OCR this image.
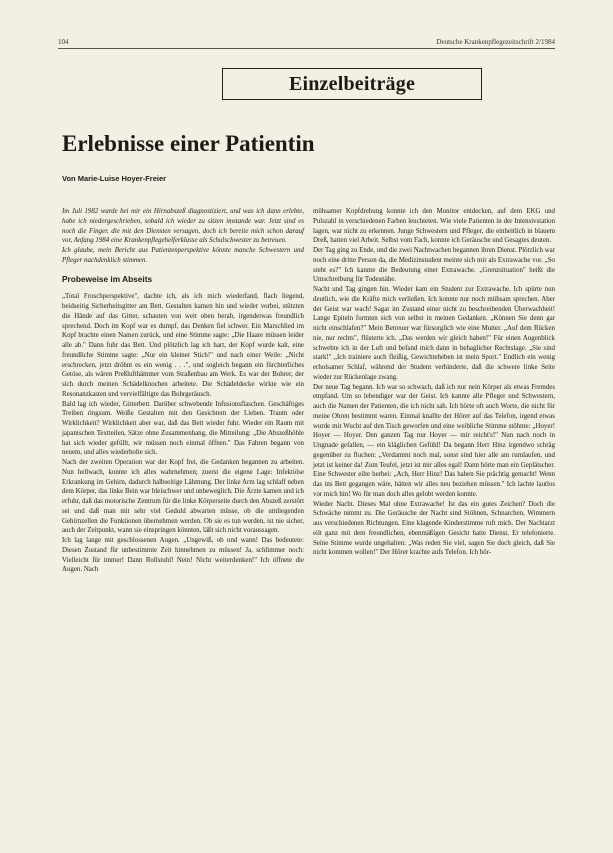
104	Deutsche Krankenpflegezeitschrift 2/1984
Einzelbeiträge
Erlebnisse einer Patientin
Von Marie-Luise Hoyer-Freier

Im Juli 1982 wurde bei mir ein Hirnabszeß diagnostiziert, und was ich dann erlebte, habe ich niedergeschrieben, sobald ich wieder zu sitzen imstande war. Jetzt sind es noch die Finger, die mit den Diensten versagen, doch ich bereite mich schon darauf vor, Anfang 1984 eine Krankenpflegehelferklasse als Schulschwester zu betreuen.

Ich glaube, mein Bericht aus Patientenperspektive könnte manche Schwestern und Pfleger nachdenklich stimmen.

Probeweise im Abseits

„Total Froschperspektive", dachte ich, als ich mich wiederfand, flach liegend, beidseitig Sicherheitsgitter am Bett. Gestalten kamen hin und wieder vorbei, stützten die Hände auf das Gitter, schauten von weit oben herab, irgendetwas freundlich sprechend. Doch im Kopf war es dumpf, das Denken fiel schwer. Ein Marschlied im Kopf brachte einen Namen zurück, und eine Stimme sagte: „Die Haare müssen leider alle ab." Dann fuhr das Bett. Und plötzlich lag ich hart, der Kopf wurde kalt, eine freundliche Stimme sagte: „Nur ein kleiner Stich!" und nach einer Weile: „Nicht erschrecken, jetzt dröhnt es ein wenig . . .", und sogleich begann ein fürchterliches Getöse, als wären Preßlufthämmer vom Straßenbau am Werk. Es war der Bohrer, der sich durch meinen Schädelknochen arbeitete. Die Schädeldecke wirkte wie ein Resonanzkasten und vervielfältigte das Bohrgeräusch.

Bald lag ich wieder, Gitterbett. Darüber schwebende Infusionsflaschen. Geschäftiges Treiben ringsum. Weiße Gestalten mit den Gesichtern der Lieben. Traum oder Wirklichkeit? Wirklichkeit aber war, daß das Bett wieder fuhr. Wieder ein Raum mit japanischen Textteilen, Sätze ohne Zusammenhang, die Mitteilung: „Die Abszeßhöhle hat sich wieder gefüllt, wir müssen noch einmal öffnen." Das Fahren begann von neuem, und alles wiederholte sich.

Nach der zweiten Operation war der Kopf frei, die Gedanken begannen zu arbeiten. Nun hellwach, konnte ich alles wahrnehmen; zuerst die eigene Lage: Infektiöse Erkrankung im Gehirn, dadurch halbseitige Lähmung. Der linke Arm lag schlaff neben dem Körper, das linke Bein war bleischwer und unbeweglich. Die Ärzte kamen und ich erfuhr, daß das motorische Zentrum für die linke Körperseite durch den Abszeß zerstört sei und daß man mit sehr viel Geduld abwarten müsse, ob die umliegenden Gehirnzellen die Funktionen übernehmen werden. Ob sie es tun werden, ist nie sicher, auch der Zeitpunkt, wann sie einspringen könnten, läßt sich nicht voraussagen.

Ich lag lange mit geschlossenen Augen. „Ungewiß, ob und wann! Das bedeutete: Diesen Zustand für unbestimmte Zeit hinnehmen zu müssen! Ja, schlimmer noch: Vielleicht für immer! Dann Rollstuhl! Nein! Nicht weiterdenken!" Ich öffnete die Augen. Nach

mühsamer Kopfdrehung konnte ich den Monitor entdecken, auf dem EKG und Pulszahl in verschiedenen Farben leuchteten. Wie viele Patienten in der Intensivstation lagen, war nicht zu erkennen. Junge Schwestern und Pfleger, die einheitlich in blauem Dreß, hatten viel Arbeit. Selbst vom Fach, konnte ich Geräusche und Gesagtes deuten.

Der Tag ging zu Ende, und die zwei Nachtwachen begannen ihren Dienst. Plötzlich war noch eine dritte Person da, die Medizinstudent meinte sich mir als Extrawache vor. „So steht es?" Ich kannte die Bedeutung einer Extrawache. „Grenzsituation" heißt die Umschreibung für Todesnähe.

Nacht und Tag gingen hin. Wieder kam ein Student zur Extrawache. Ich spürte nun deutlich, wie die Kräfte mich verließen. Ich konnte nur noch mühsam sprechen. Aber der Geist war wach! Sagar im Zustand einer nicht zu beschreibenden Überwachheit! Lange Epiteln formten sich von selbst in meinen Gedanken. „Können Sie denn gar nicht einschlafen?" Mein Betreuer war fürsorglich wie eine Mutter. „Auf dem Rücken nie, nur rechts", flüsterte ich. „Das werden wir gleich haben!" Für einen Augenblick schwebte ich in der Luft und befand mich dann in behaglicher Rechtslage. „Sie sind stark!" „Ich trainiere auch fleißig, Gewichteheben ist mein Sport." Endlich ein wenig erholsamer Schlaf, während der Student verhinderte, daß die schwere linke Seite wieder zur Rückenlage zwang.

Der neue Tag begann. Ich war so schwach, daß ich nur nein Körper als etwas Fremdes empfand. Um so lebendiger war der Geist. Ich kannte alle Pfleger und Schwestern, auch die Namen der Patienten, die ich nicht sah. Ich hörte oft auch Worte, die nicht für meine Ohren bestimmt waren. Einmal knallte der Hörer auf das Telefon, irgend etwas wurde mit Wucht auf den Tisch geworfen und eine weibliche Stimme stöhnte: „Hoyer! Hoyer — Hoyer. Den ganzen Tag nur Hoyer — mir reicht's!" Nun nach noch in Ungnade gefallen, — ein kläglichen Gefühl! Da begann Herr Hinz irgendwo schräg gegenüber zu fluchen: „Verdammt noch mal, sonst sind hier alle am rumlaufen, und jetzt ist keiner da! Zum Teufel, jetzt ist mir alles egal! Dann hörte man ein Geplätscher. Eine Schwester eilte herbei: „Ach, Herr Hinz! Das haben Sie prächtig gemacht! Wenn das ins Bett gegangen wäre, hätten wir alles neu beziehen müssen." Ich lachte lautlos vor mich hin! Wo für man doch alles gelobt werden konnte.

Wieder Nacht. Dieses Mal ohne Extrawache! Ist das ein gutes Zeichen? Doch die Schwäche nimmt zu. Die Geräusche der Nacht sind Stöhnen, Schnarchen, Wimmern aus verschiedenen Richtungen. Eine klagende Kinderstimme ruft mich. Der Nachtarzt eilt ganz mit dem freundlichen, ebenmäßigen Gesicht hatte Dienst. Er telefonierte. Seine Stimme wurde ungehalten: „Was reden Sie viel, sagen Sie doch gleich, daß Sie nicht kommen wollen!" Der Hörer krachte aufs Telefon. Ich hör-
